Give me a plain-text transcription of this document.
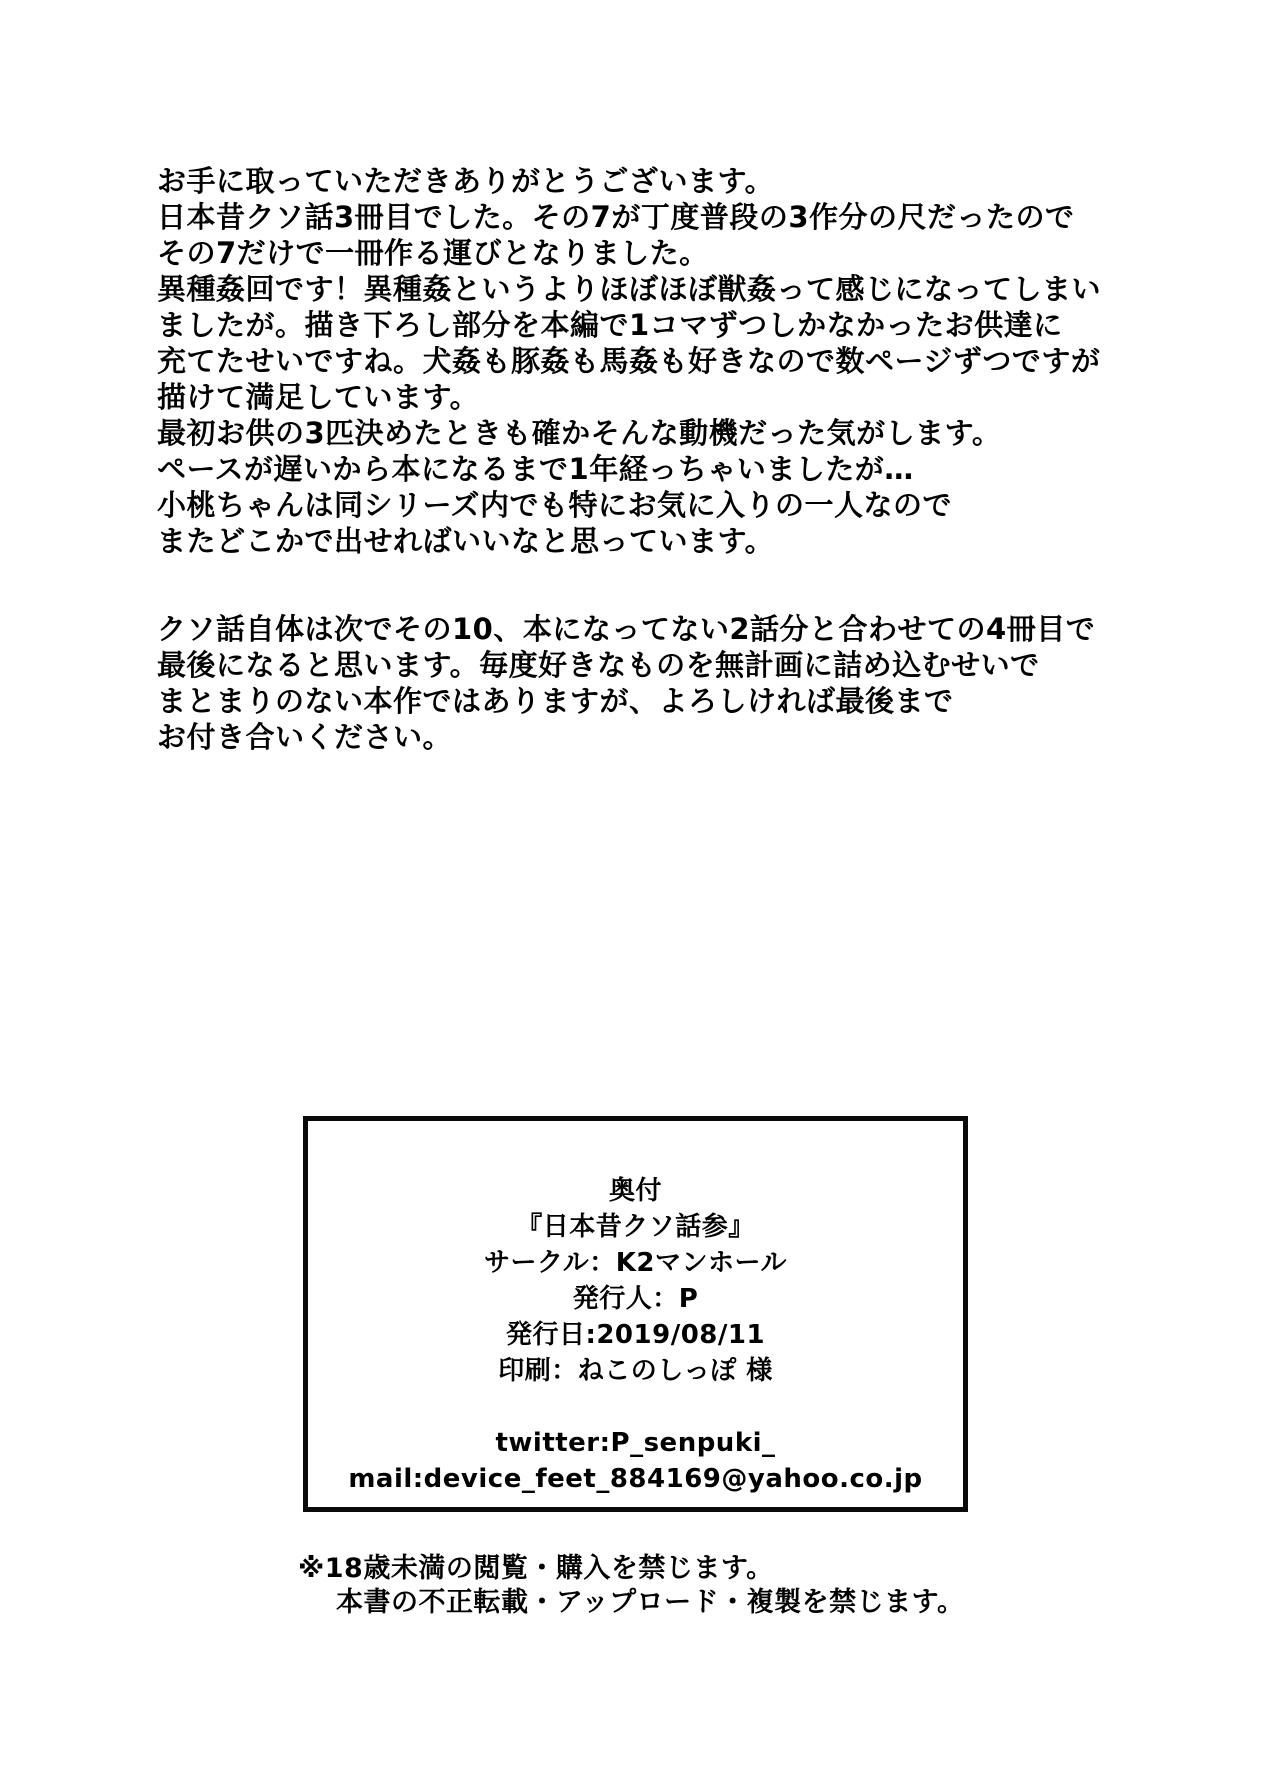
お手に取っていただきありがとうございます。
日本昔クソ話3冊目でした。その7が丁度普段の3作分の尺だったので
その7だけで一冊作る運びとなりました。
異種姦回です！異種姦というよりほぼほぼ獣姦って感じになってしまい
ましたが。描き下ろし部分を本編で1コマずつしかなかったお供達に
充てたせいですね。犬姦も豚姦も馬姦も好きなので数ページずつですが
描けて満足しています。
最初お供の3匹決めたときも確かそんな動機だった気がします。
ペースが遅いから本になるまで1年経っちゃいましたが…
小桃ちゃんは同シリーズ内でも特にお気に入りの一人なので
またどこかで出せればいいなと思っています。
クソ話自体は次でその10、本になってない2話分と合わせての4冊目で
最後になると思います。毎度好きなものを無計画に詰め込むせいで
まとまりのない本作ではありますが、よろしければ最後まで
お付き合いください。
奥付
『日本昔クソ話参』
サークル：K2マンホール
発行人：P
発行日:2019/08/11
印刷：ねこのしっぽ 様
twitter:P_senpuki_
mail:device_feet_884169@yahoo.co.jp
※18歳未満の閲覧・購入を禁じます。
本書の不正転載・アップロード・複製を禁じます。
